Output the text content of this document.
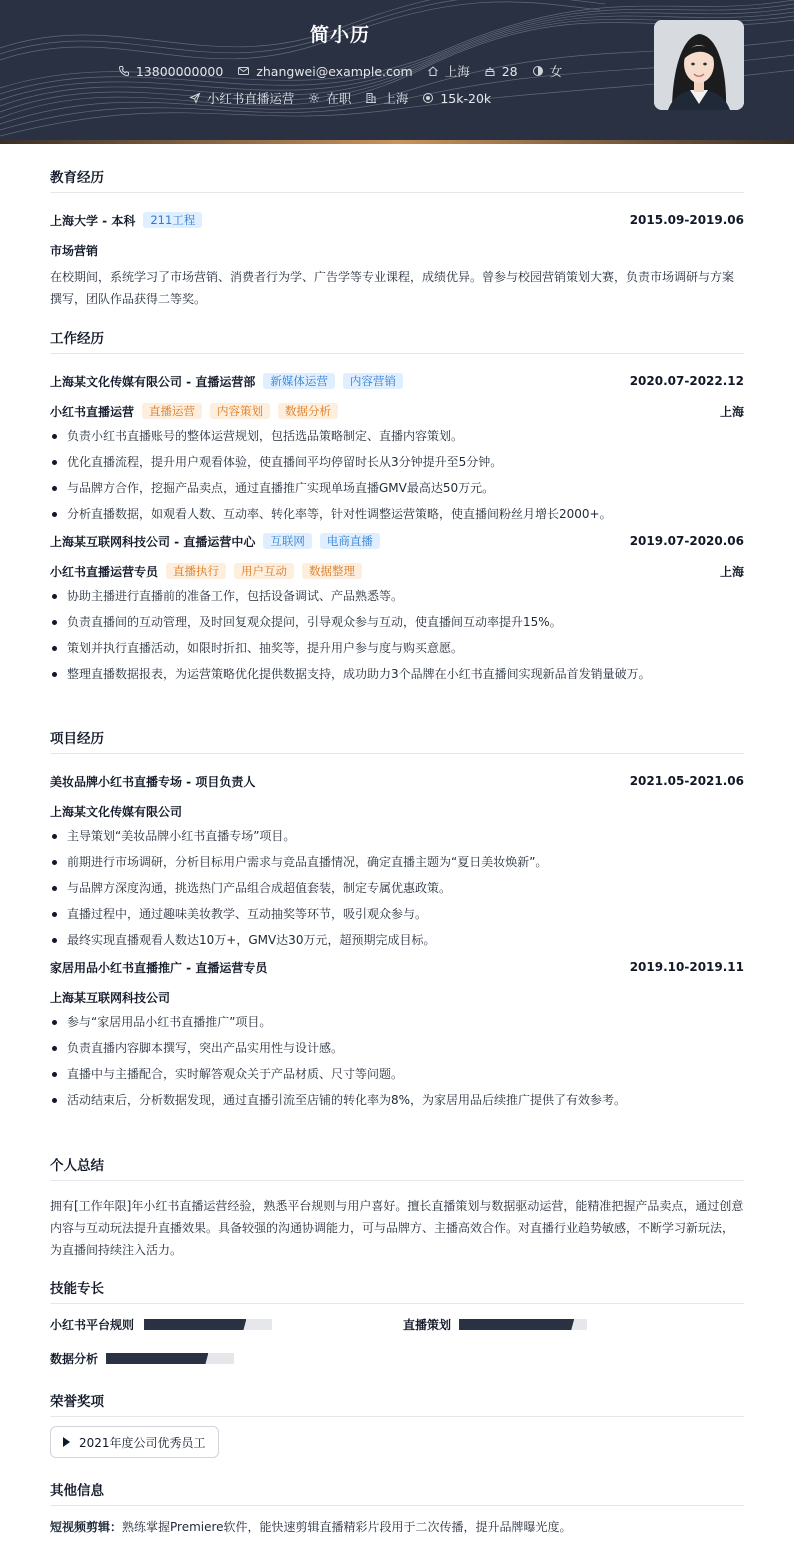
简小历
13800000000	zhangwei@example.com	上海	28	女
小红书直播运营	在职	上海	15k-20k
教育经历
上海大学 - 本科	211工程	2015.09-2019.06
市场营销
在校期间，系统学习了市场营销、消费者行为学、广告学等专业课程，成绩优异。曾参与校园营销策划大赛，负责市场调研与方案撰写，团队作品获得二等奖。
工作经历
上海某文化传媒有限公司 - 直播运营部	新媒体运营	内容营销	2020.07-2022.12
小红书直播运营	直播运营	内容策划	数据分析	上海
负责小红书直播账号的整体运营规划，包括选品策略制定、直播内容策划。
优化直播流程，提升用户观看体验，使直播间平均停留时长从3分钟提升至5分钟。
与品牌方合作，挖掘产品卖点，通过直播推广实现单场直播GMV最高达50万元。
分析直播数据，如观看人数、互动率、转化率等，针对性调整运营策略，使直播间粉丝月增长2000+。
上海某互联网科技公司 - 直播运营中心	互联网	电商直播	2019.07-2020.06
小红书直播运营专员	直播执行	用户互动	数据整理	上海
协助主播进行直播前的准备工作，包括设备调试、产品熟悉等。
负责直播间的互动管理，及时回复观众提问，引导观众参与互动，使直播间互动率提升15%。
策划并执行直播活动，如限时折扣、抽奖等，提升用户参与度与购买意愿。
整理直播数据报表，为运营策略优化提供数据支持，成功助力3个品牌在小红书直播间实现新品首发销量破万。
项目经历
美妆品牌小红书直播专场 - 项目负责人	2021.05-2021.06
上海某文化传媒有限公司
主导策划“美妆品牌小红书直播专场”项目。
前期进行市场调研，分析目标用户需求与竞品直播情况，确定直播主题为“夏日美妆焕新”。
与品牌方深度沟通，挑选热门产品组合成超值套装，制定专属优惠政策。
直播过程中，通过趣味美妆教学、互动抽奖等环节，吸引观众参与。
最终实现直播观看人数达10万+，GMV达30万元，超预期完成目标。
家居用品小红书直播推广 - 直播运营专员	2019.10-2019.11
上海某互联网科技公司
参与“家居用品小红书直播推广”项目。
负责直播内容脚本撰写，突出产品实用性与设计感。
直播中与主播配合，实时解答观众关于产品材质、尺寸等问题。
活动结束后，分析数据发现，通过直播引流至店铺的转化率为8%，为家居用品后续推广提供了有效参考。
个人总结
拥有[工作年限]年小红书直播运营经验，熟悉平台规则与用户喜好。擅长直播策划与数据驱动运营，能精准把握产品卖点，通过创意内容与互动玩法提升直播效果。具备较强的沟通协调能力，可与品牌方、主播高效合作。对直播行业趋势敏感，不断学习新玩法，为直播间持续注入活力。
技能专长
小红书平台规则	直播策划
数据分析
荣誉奖项
2021年度公司优秀员工
其他信息
短视频剪辑：熟练掌握Premiere软件，能快速剪辑直播精彩片段用于二次传播，提升品牌曝光度。
